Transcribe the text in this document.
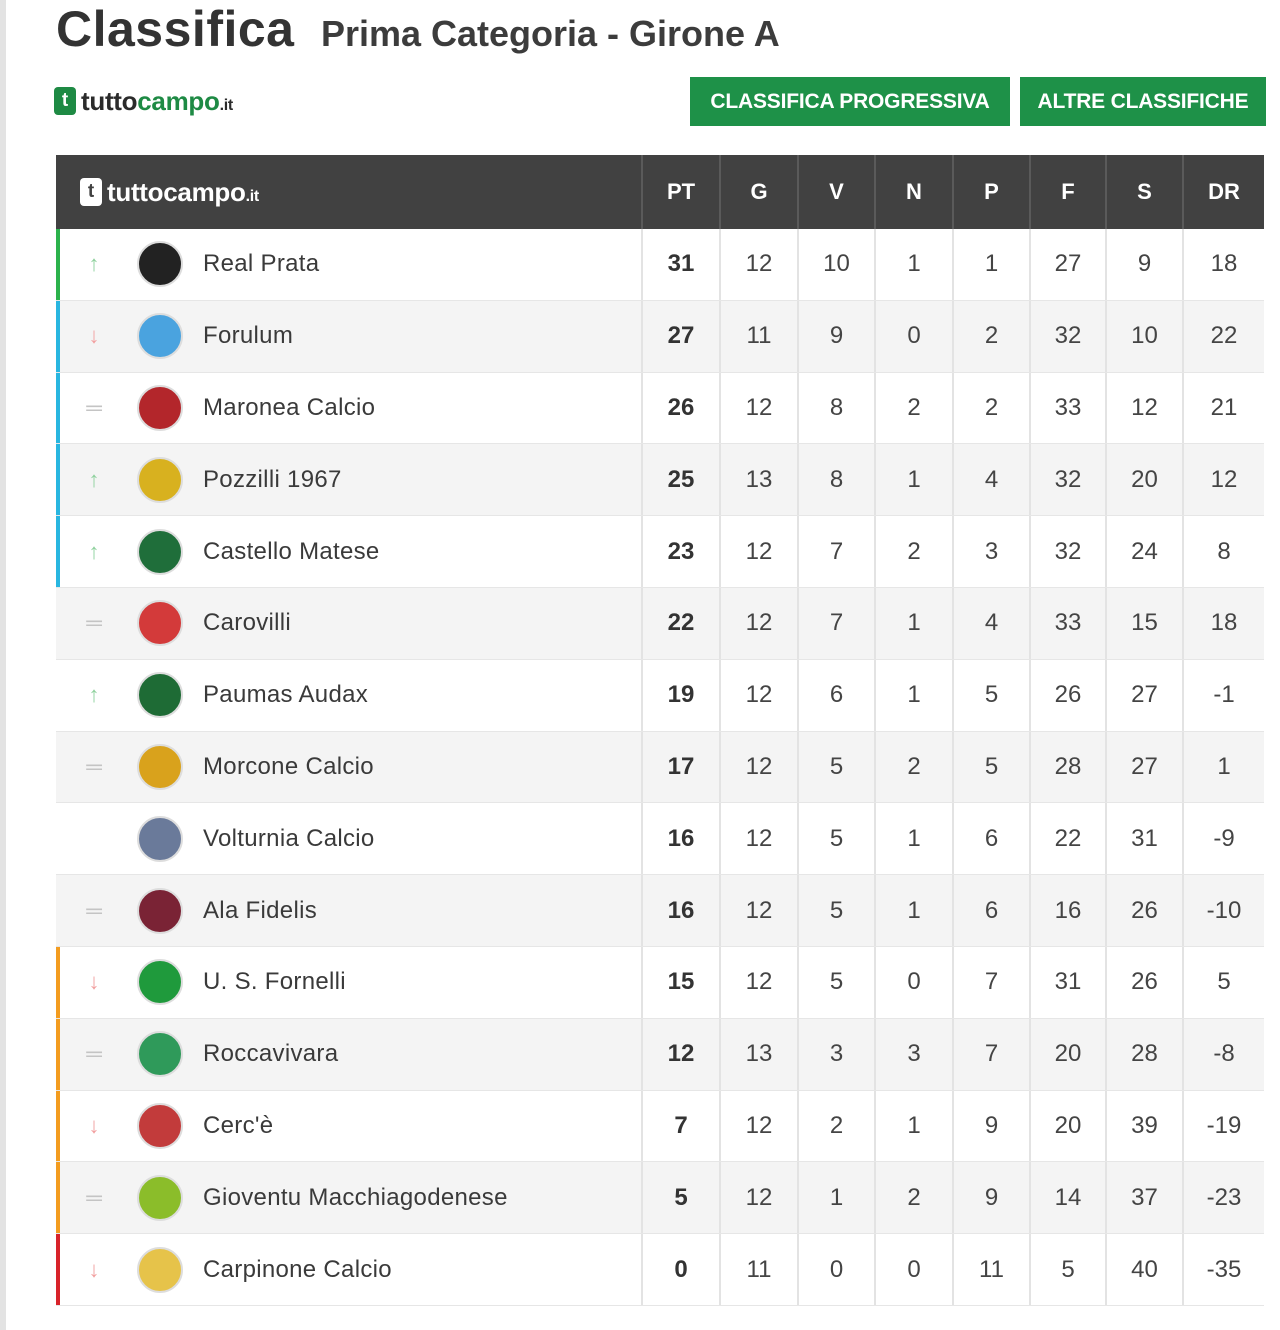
Classifica Prima Categoria - Girone A
t tuttocampo.it	CLASSIFICA PROGRESSIVA	ALTRE CLASSIFICHE
t tuttocampo.it	PT	G	V	N	P	F	S	DR
↑	Real Prata	31	12	10	1	1	27	9	18
↓	Forulum	27	11	9	0	2	32	10	22
═	Maronea Calcio	26	12	8	2	2	33	12	21
↑	Pozzilli 1967	25	13	8	1	4	32	20	12
↑	Castello Matese	23	12	7	2	3	32	24	8
═	Carovilli	22	12	7	1	4	33	15	18
↑	Paumas Audax	19	12	6	1	5	26	27	-1
═	Morcone Calcio	17	12	5	2	5	28	27	1
Volturnia Calcio	16	12	5	1	6	22	31	-9
═	Ala Fidelis	16	12	5	1	6	16	26	-10
↓	U. S. Fornelli	15	12	5	0	7	31	26	5
═	Roccavivara	12	13	3	3	7	20	28	-8
↓	Cerc'è	7	12	2	1	9	20	39	-19
═	Gioventu Macchiagodenese	5	12	1	2	9	14	37	-23
↓	Carpinone Calcio	0	11	0	0	11	5	40	-35
